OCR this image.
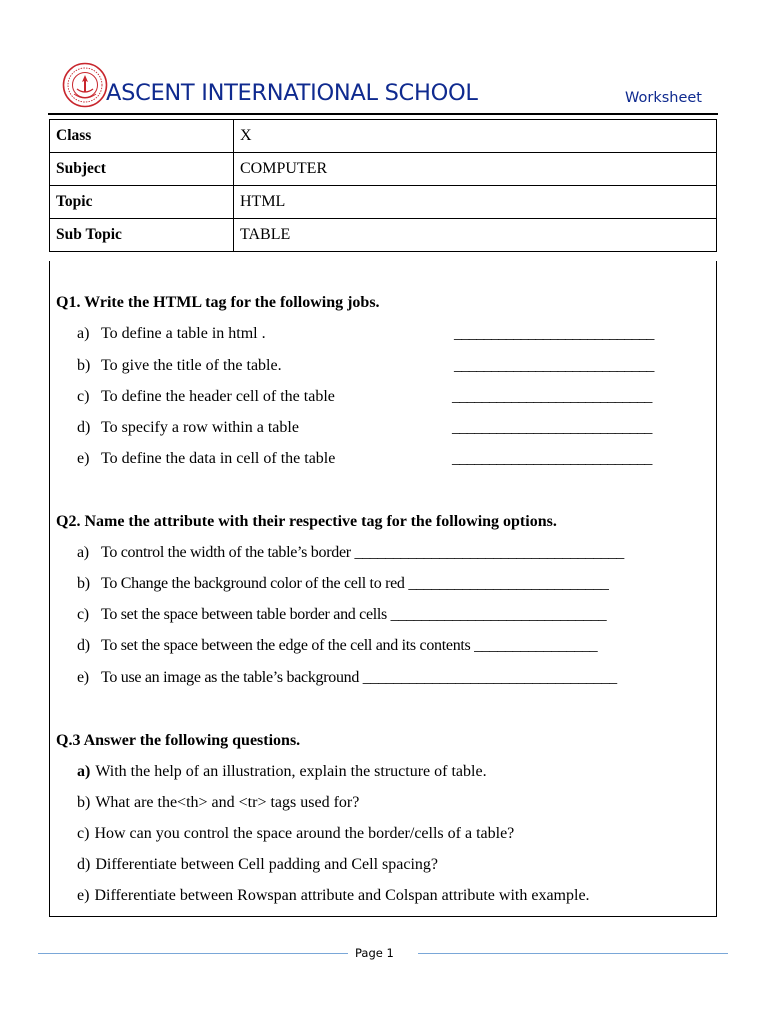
ASCENT INTERNATIONAL SCHOOL	Worksheet
Class	X
Subject	COMPUTER
Topic	HTML
Sub Topic	TABLE
Q1. Write the HTML tag for the following jobs.
a) To define a table in html .	___________________________
b) To give the title of the table.	___________________________
c) To define the header cell of the table	___________________________
d) To specify a row within a table	___________________________
e) To define the data in cell of the table	___________________________
Q2. Name the attribute with their respective tag for the following options.
a) To control the width of the table’s border ___________________________________
b) To Change the background color of the cell to red __________________________
c) To set the space between table border and cells ____________________________
d) To set the space between the edge of the cell and its contents ________________
e) To use an image as the table’s background _________________________________
Q.3 Answer the following questions.
a) With the help of an illustration, explain the structure of table.
b) What are the<th> and <tr> tags used for?
c) How can you control the space around the border/cells of a table?
d) Differentiate between Cell padding and Cell spacing?
e) Differentiate between Rowspan attribute and Colspan attribute with example.
Page 1
